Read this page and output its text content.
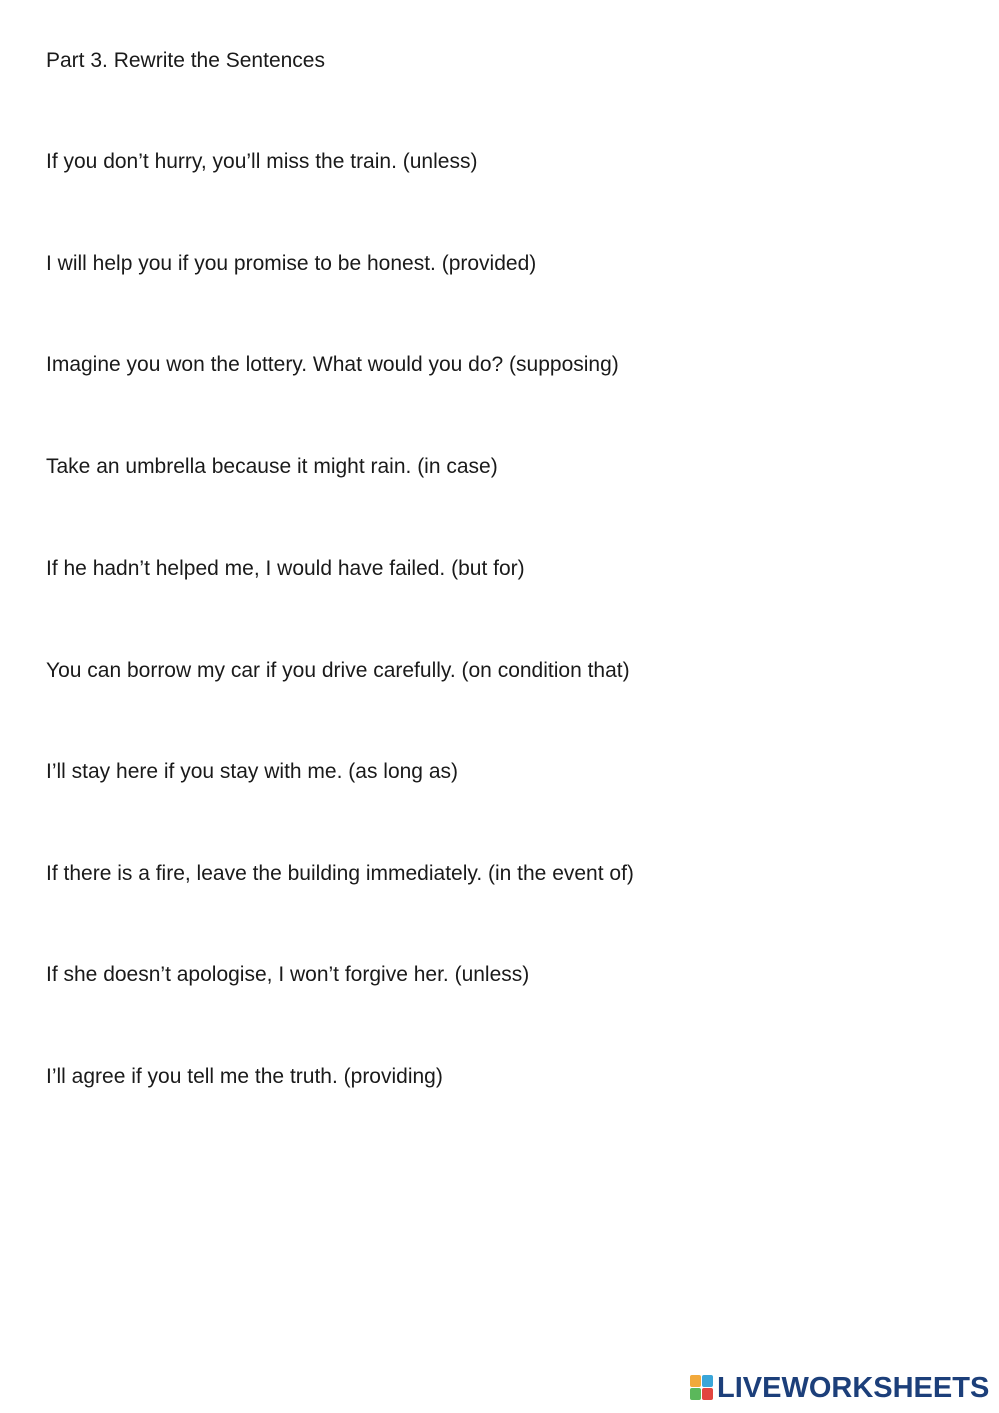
Part 3. Rewrite the Sentences
If you don’t hurry, you’ll miss the train. (unless)
I will help you if you promise to be honest. (provided)
Imagine you won the lottery. What would you do? (supposing)
Take an umbrella because it might rain. (in case)
If he hadn’t helped me, I would have failed. (but for)
You can borrow my car if you drive carefully. (on condition that)
I’ll stay here if you stay with me. (as long as)
If there is a fire, leave the building immediately. (in the event of)
If she doesn’t apologise, I won’t forgive her. (unless)
I’ll agree if you tell me the truth. (providing)
LIVEWORKSHEETS
